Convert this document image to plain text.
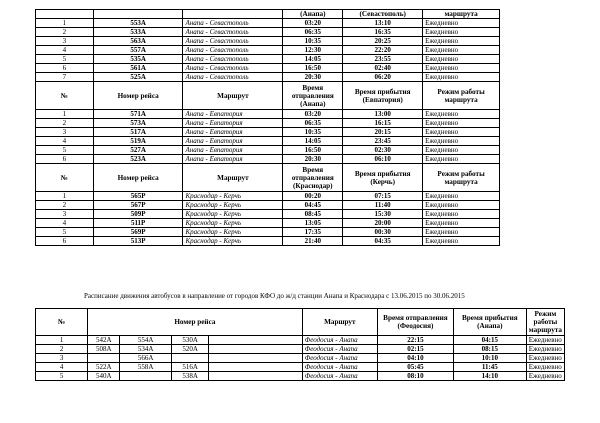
			(Анапа)	(Севастополь)	маршрута
1	553А	Анапа - Севастополь	03:20	13:10	Ежедневно
2	533А	Анапа - Севастополь	06:35	16:35	Ежедневно
3	563А	Анапа - Севастополь	10:35	20:25	Ежедневно
4	557А	Анапа - Севастополь	12:30	22:20	Ежедневно
5	535А	Анапа - Севастополь	14:05	23:55	Ежедневно
6	561А	Анапа - Севастополь	16:50	02:40	Ежедневно
7	525А	Анапа - Севастополь	20:30	06:20	Ежедневно
№	Номер рейса	Маршрут	Время отправления (Анапа)	Время прибытия (Евпатория)	Режим работы маршрута
1	571А	Анапа - Евпатория	03:20	13:00	Ежедневно
2	573А	Анапа - Евпатория	06:35	16:15	Ежедневно
3	517А	Анапа - Евпатория	10:35	20:15	Ежедневно
4	519А	Анапа - Евпатория	14:05	23:45	Ежедневно
5	527А	Анапа - Евпатория	16:50	02:30	Ежедневно
6	523А	Анапа - Евпатория	20:30	06:10	Ежедневно
№	Номер рейса	Маршрут	Время отправления (Краснодар)	Время прибытия (Керчь)	Режим работы маршрута
1	565Р	Краснодар - Керчь	00:20	07:15	Ежедневно
2	567Р	Краснодар - Керчь	04:45	11:40	Ежедневно
3	509Р	Краснодар - Керчь	08:45	15:30	Ежедневно
4	511Р	Краснодар - Керчь	13:05	20:00	Ежедневно
5	569Р	Краснодар - Керчь	17:35	00:30	Ежедневно
6	513Р	Краснодар - Керчь	21:40	04:35	Ежедневно
Расписание движения автобусов в направление от городов КФО до ж/д станции Анапа и Краснодара с 13.06.2015 по 30.06.2015
№	Номер рейса				Маршрут	Время отправления (Феодосия)	Время прибытия (Анапа)	Режим работы маршрута
1	542А	554А	530А		Феодосия - Анапа	22:15	04:15	Ежедневно
2	508А	534А	520А		Феодосия - Анапа	02:15	08:15	Ежедневно
3		566А			Феодосия - Анапа	04:10	10:10	Ежедневно
4	522А	558А	516А		Феодосия - Анапа	05:45	11:45	Ежедневно
5	540А		538А		Феодосия - Анапа	08:10	14:10	Ежедневно
